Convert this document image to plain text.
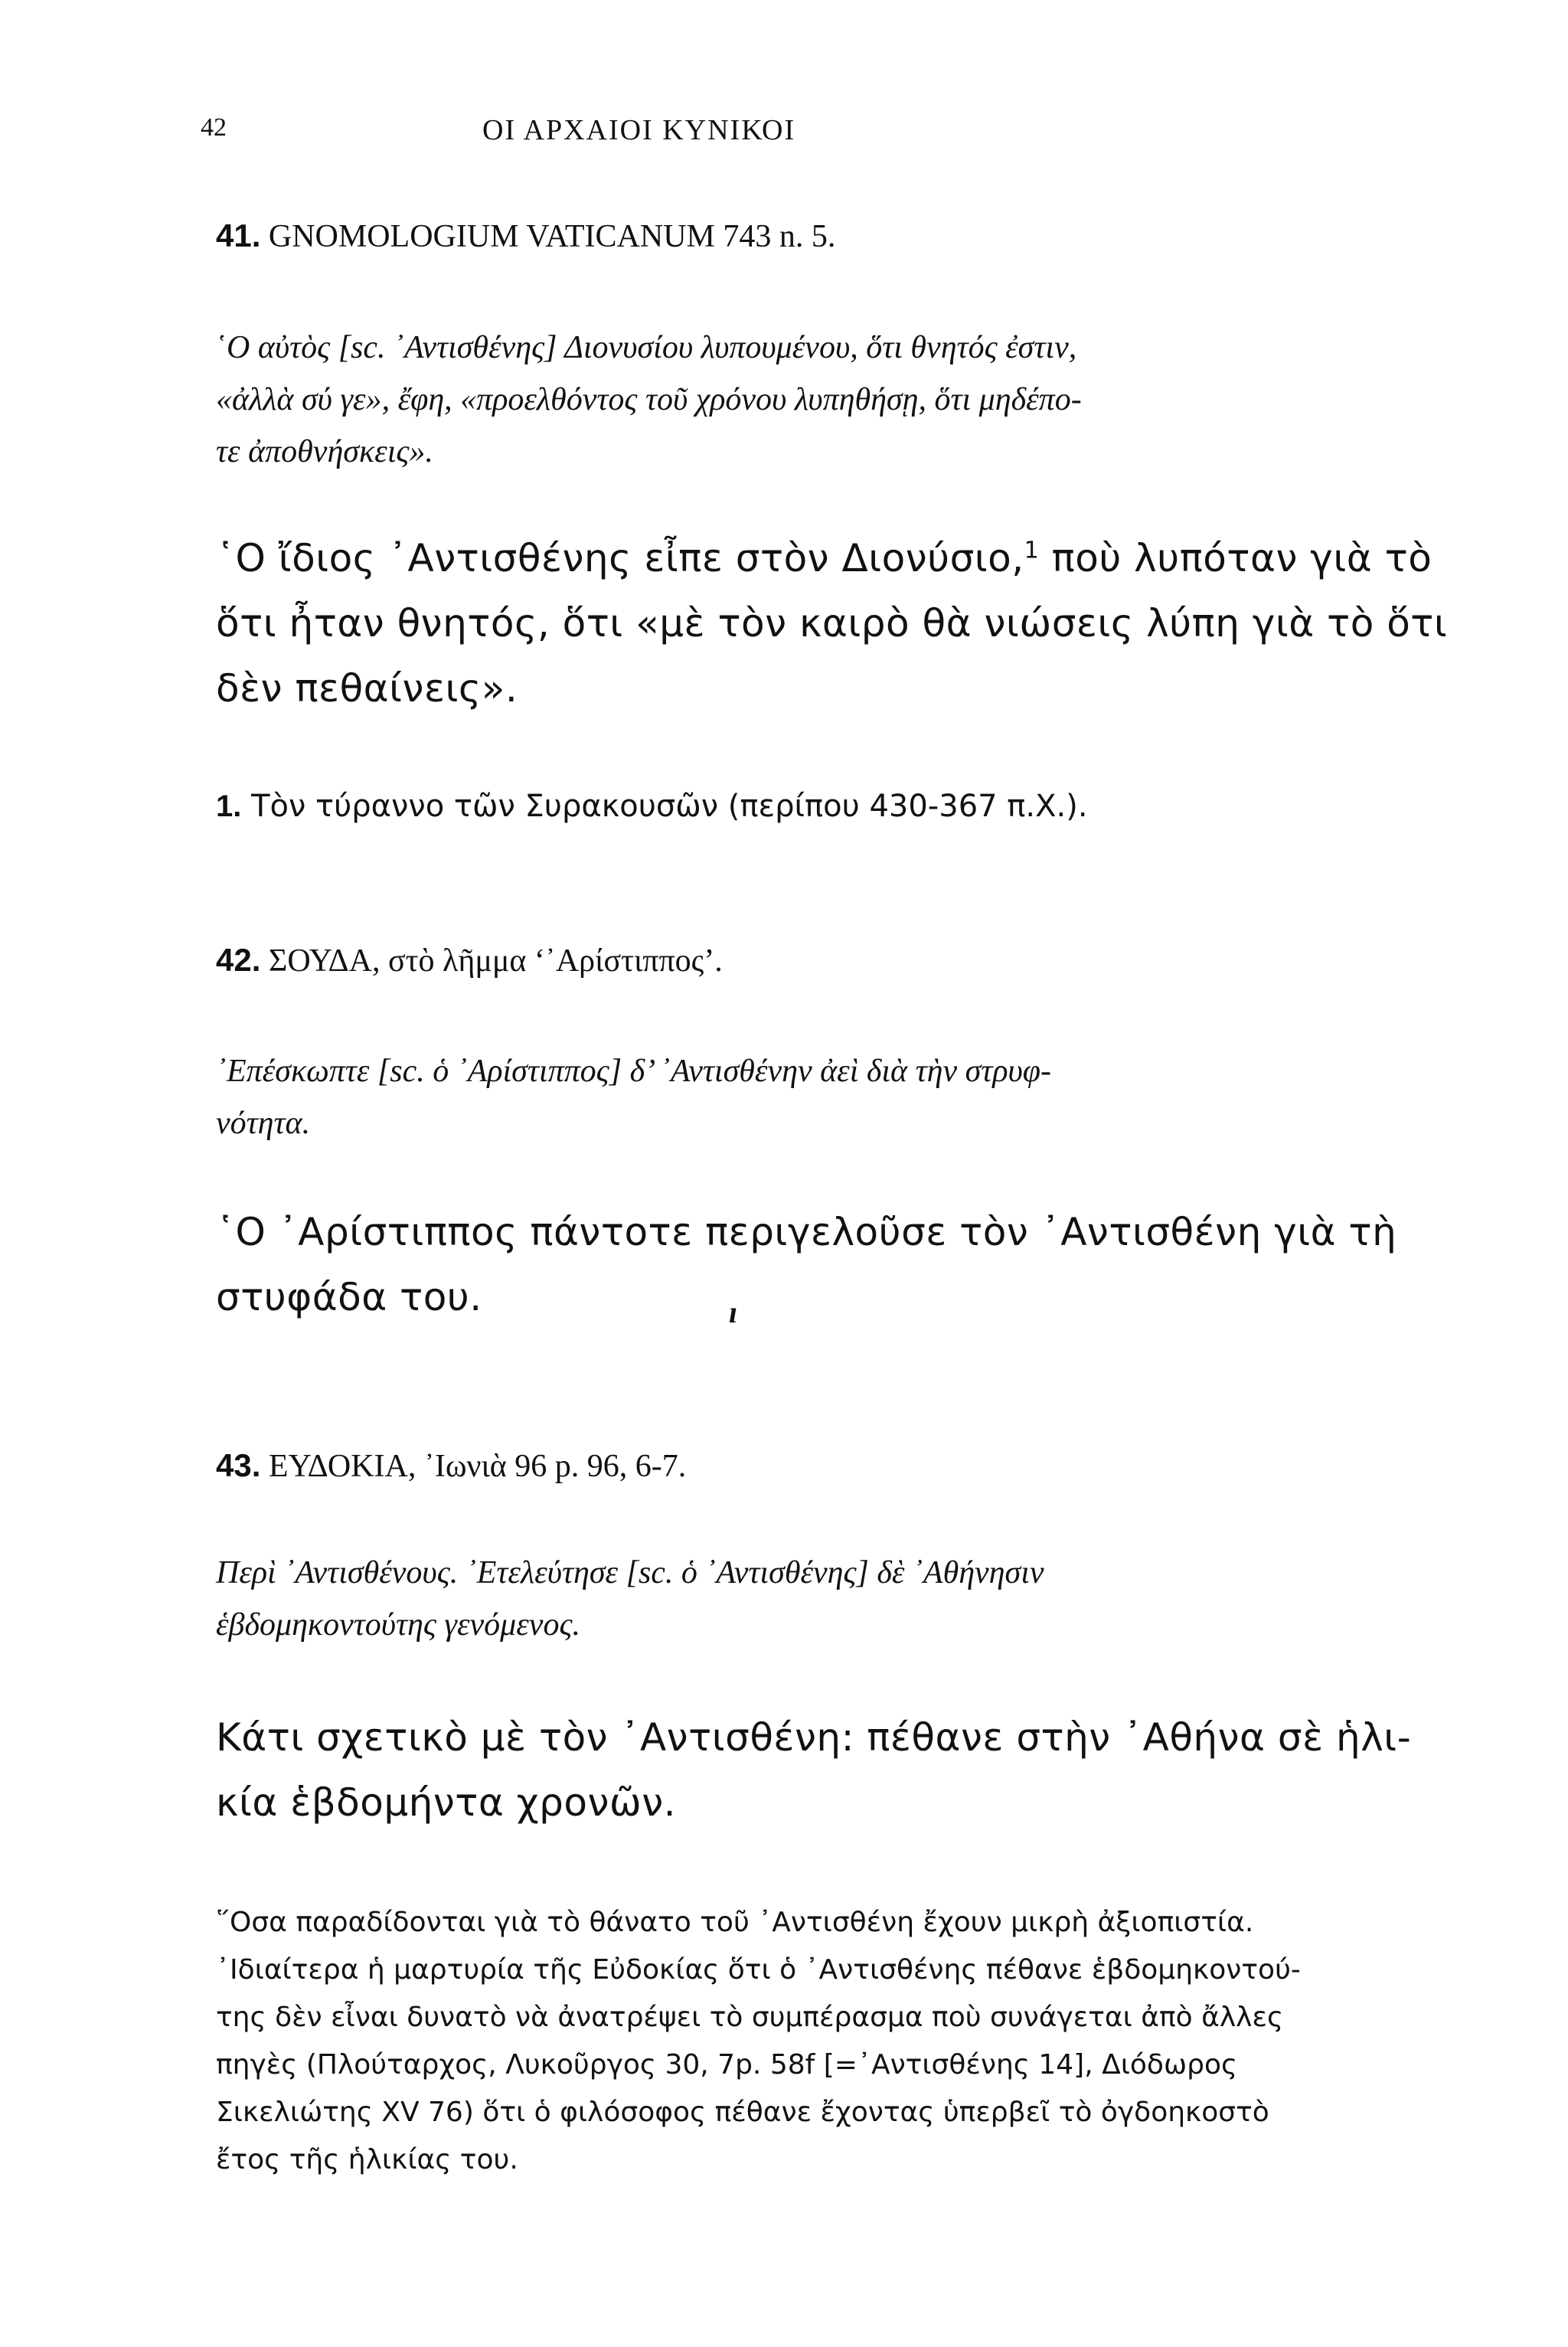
42	ΟΙ ΑΡΧΑΙΟΙ ΚΥΝΙΚΟΙ
41. GNOMOLOGIUM VATICANUM 743 n. 5.
῾Ο αὐτὸς [sc. ᾿Αντισθένης] Διονυσίου λυπουμένου, ὅτι θνητός ἐστιν,
«ἀλλὰ σύ γε», ἔφη, «προελθόντος τοῦ χρόνου λυπηθήσῃ, ὅτι μηδέπο-
τε ἀποθνήσκεις».
῾Ο ἴδιος ᾿Αντισθένης εἶπε στὸν Διονύσιο,$^1$ ποὺ λυπόταν γιὰ τὸ
ὅτι ἦταν θνητός, ὅτι «μὲ τὸν καιρὸ θὰ νιώσεις λύπη γιὰ τὸ ὅτι
δὲν πεθαίνεις».
1. Τὸν τύραννο τῶν Συρακουσῶν (περίπου 430-367 π.Χ.).
42. ΣΟΥΔΑ, στὸ λῆμμα ‘᾿Αρίστιππος’.
᾿Επέσκωπτε [sc. ὁ ᾿Αρίστιππος] δ’ ᾿Αντισθένην ἀεὶ διὰ τὴν στρυφ-
νότητα.
῾Ο ᾿Αρίστιππος πάντοτε περιγελοῦσε τὸν ᾿Αντισθένη γιὰ τὴ
στυφάδα του.	ı
43. ΕΥΔΟΚΙΑ, ᾿Ιωνιὰ 96 p. 96, 6-7.
Περὶ ᾿Αντισθένους. ᾿Ετελεύτησε [sc. ὁ ᾿Αντισθένης] δὲ ᾿Αθήνησιν
ἑβδομηκοντούτης γενόμενος.
Κάτι σχετικὸ μὲ τὸν ᾿Αντισθένη: πέθανε στὴν ᾿Αθήνα σὲ ἡλι-
κία ἑβδομήντα χρονῶν.
῞Οσα παραδίδονται γιὰ τὸ θάνατο τοῦ ᾿Αντισθένη ἔχουν μικρὴ ἀξιοπιστία.
᾿Ιδιαίτερα ἡ μαρτυρία τῆς Εὐδοκίας ὅτι ὁ ᾿Αντισθένης πέθανε ἑβδομηκοντού-
της δὲν εἶναι δυνατὸ νὰ ἀνατρέψει τὸ συμπέρασμα ποὺ συνάγεται ἀπὸ ἄλλες
πηγὲς (Πλούταρχος, Λυκοῦργος 30, 7p. 58f [=᾿Αντισθένης 14], Διόδωρος
Σικελιώτης XV 76) ὅτι ὁ φιλόσοφος πέθανε ἔχοντας ὑπερβεῖ τὸ ὀγδοηκοστὸ
ἔτος τῆς ἡλικίας του.
